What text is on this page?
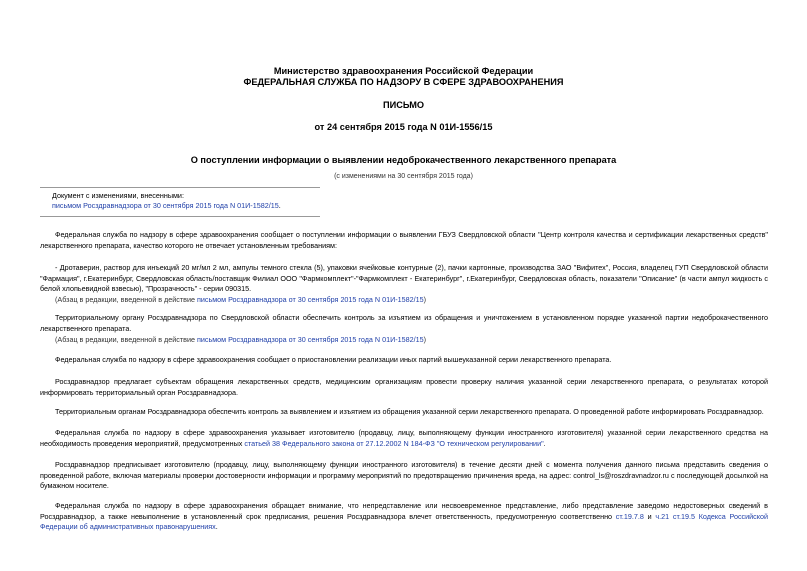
Министерство здравоохранения Российской Федерации
ФЕДЕРАЛЬНАЯ СЛУЖБА ПО НАДЗОРУ В СФЕРЕ ЗДРАВООХРАНЕНИЯ
ПИСЬМО
от 24 сентября 2015 года N 01И-1556/15
О поступлении информации о выявлении недоброкачественного лекарственного препарата
(с изменениями на 30 сентября 2015 года)
Документ с изменениями, внесенными:
письмом Росздравнадзора от 30 сентября 2015 года N 01И-1582/15.
Федеральная служба по надзору в сфере здравоохранения сообщает о поступлении информации о выявлении ГБУЗ Свердловской области "Центр контроля качества и сертификации лекарственных средств" лекарственного препарата, качество которого не отвечает установленным требованиям:
- Дротаверин, раствор для инъекций 20 мг/мл 2 мл, ампулы темного стекла (5), упаковки ячейковые контурные (2), пачки картонные, производства ЗАО "Вифитех", Россия, владелец ГУП Свердловской области "Фармация", г.Екатеринбург, Свердловская область/поставщик Филиал ООО "Фармкомплект"-"Фармкомплект - Екатеринбург", г.Екатеринбург, Свердловская область, показатели "Описание" (в части ампул жидкость с белой хлопьевидной взвесью), "Прозрачность" - серии 090315.
(Абзац в редакции, введенной в действие письмом Росздравнадзора от 30 сентября 2015 года N 01И-1582/15)
Территориальному органу Росздравнадзора по Свердловской области обеспечить контроль за изъятием из обращения и уничтожением в установленном порядке указанной партии недоброкачественного лекарственного препарата.
(Абзац в редакции, введенной в действие письмом Росздравнадзора от 30 сентября 2015 года N 01И-1582/15)
Федеральная служба по надзору в сфере здравоохранения сообщает о приостановлении реализации иных партий вышеуказанной серии лекарственного препарата.
Росздравнадзор предлагает субъектам обращения лекарственных средств, медицинским организациям провести проверку наличия указанной серии лекарственного препарата, о результатах которой информировать территориальный орган Росздравнадзора.
Территориальным органам Росздравнадзора обеспечить контроль за выявлением и изъятием из обращения указанной серии лекарственного препарата. О проведенной работе информировать Росздравнадзор.
Федеральная служба по надзору в сфере здравоохранения указывает изготовителю (продавцу, лицу, выполняющему функции иностранного изготовителя) указанной серии лекарственного средства на необходимость проведения мероприятий, предусмотренных статьей 38 Федерального закона от 27.12.2002 N 184-ФЗ "О техническом регулировании".
Росздравнадзор предписывает изготовителю (продавцу, лицу, выполняющему функции иностранного изготовителя) в течение десяти дней с момента получения данного письма представить сведения о проведенной работе, включая материалы проверки достоверности информации и программу мероприятий по предотвращению причинения вреда, на адрес: control_ls@roszdravnadzor.ru с последующей досылкой на бумажном носителе.
Федеральная служба по надзору в сфере здравоохранения обращает внимание, что непредставление или несвоевременное представление, либо представление заведомо недостоверных сведений в Росздравнадзор, а также невыполнение в установленный срок предписания, решения Росздравнадзора влечет ответственность, предусмотренную соответственно ст.19.7.8 и ч.21 ст.19.5 Кодекса Российской Федерации об административных правонарушениях.
